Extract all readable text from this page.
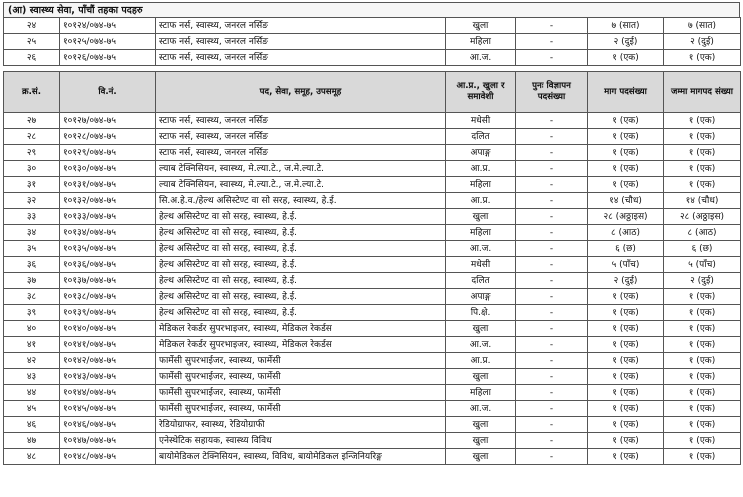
(आ) स्वास्थ्य सेवा, पाँचौं तहका पदहरु
२४	१०१२४/०७४-७५	स्टाफ नर्स, स्वास्थ्य, जनरल नर्सिङ	खुला	-	७ (सात)	७ (सात)
२५	१०१२५/०७४-७५	स्टाफ नर्स, स्वास्थ्य, जनरल नर्सिङ	महिला	-	२ (दुई)	२ (दुई)
२६	१०१२६/०७४-७५	स्टाफ नर्स, स्वास्थ्य, जनरल नर्सिङ	आ.ज.	-	१ (एक)	१ (एक)
क्र.सं.	वि.नं.	पद, सेवा, समूह, उपसमूह	आ.प्र., खुला र समावेशी	पुनः विज्ञापन पदसंख्या	माग पदसंख्या	जम्मा मागपद संख्या
२७	१०१२७/०७४-७५	स्टाफ नर्स, स्वास्थ्य, जनरल नर्सिङ	मधेसी	-	१ (एक)	१ (एक)
२८	१०१२८/०७४-७५	स्टाफ नर्स, स्वास्थ्य, जनरल नर्सिङ	दलित	-	१ (एक)	१ (एक)
२९	१०१२९/०७४-७५	स्टाफ नर्स, स्वास्थ्य, जनरल नर्सिङ	अपाङ्ग	-	१ (एक)	१ (एक)
३०	१०१३०/०७४-७५	ल्याब टेक्निसियन, स्वास्थ्य, मे.ल्या.टे., ज.मे.ल्या.टे.	आ.प्र.	-	१ (एक)	१ (एक)
३१	१०१३१/०७४-७५	ल्याब टेक्निसियन, स्वास्थ्य, मे.ल्या.टे., ज.मे.ल्या.टे.	महिला	-	१ (एक)	१ (एक)
३२	१०१३२/०७४-७५	सि.अ.हे.व./हेल्थ असिस्टेण्ट वा सो सरह, स्वास्थ्य, हे.ई.	आ.प्र.	-	१४ (चौध)	१४ (चौध)
३३	१०१३३/०७४-७५	हेल्थ असिस्टेण्ट वा सो सरह, स्वास्थ्य, हे.ई.	खुला	-	२८ (अठ्ठाइस)	२८ (अठ्ठाइस)
३४	१०१३४/०७४-७५	हेल्थ असिस्टेण्ट वा सो सरह, स्वास्थ्य, हे.ई.	महिला	-	८ (आठ)	८ (आठ)
३५	१०१३५/०७४-७५	हेल्थ असिस्टेण्ट वा सो सरह, स्वास्थ्य, हे.ई.	आ.ज.	-	६ (छ)	६ (छ)
३६	१०१३६/०७४-७५	हेल्थ असिस्टेण्ट वा सो सरह, स्वास्थ्य, हे.ई.	मधेसी	-	५ (पाँच)	५ (पाँच)
३७	१०१३७/०७४-७५	हेल्थ असिस्टेण्ट वा सो सरह, स्वास्थ्य, हे.ई.	दलित	-	२ (दुई)	२ (दुई)
३८	१०१३८/०७४-७५	हेल्थ असिस्टेण्ट वा सो सरह, स्वास्थ्य, हे.ई.	अपाङ्ग	-	१ (एक)	१ (एक)
३९	१०१३९/०७४-७५	हेल्थ असिस्टेण्ट वा सो सरह, स्वास्थ्य, हे.ई.	पि.क्षे.	-	१ (एक)	१ (एक)
४०	१०१४०/०७४-७५	मेडिकल रेकर्डर सुपरभाइजर, स्वास्थ्य, मेडिकल रेकर्डस	खुला	-	१ (एक)	१ (एक)
४१	१०१४१/०७४-७५	मेडिकल रेकर्डर सुपरभाइजर, स्वास्थ्य, मेडिकल रेकर्डस	आ.ज.	-	१ (एक)	१ (एक)
४२	१०१४२/०७४-७५	फार्मेसी सुपरभाईजर, स्वास्थ्य, फार्मेसी	आ.प्र.	-	१ (एक)	१ (एक)
४३	१०१४३/०७४-७५	फार्मेसी सुपरभाईजर, स्वास्थ्य, फार्मेसी	खुला	-	१ (एक)	१ (एक)
४४	१०१४४/०७४-७५	फार्मेसी सुपरभाईजर, स्वास्थ्य, फार्मेसी	महिला	-	१ (एक)	१ (एक)
४५	१०१४५/०७४-७५	फार्मेसी सुपरभाईजर, स्वास्थ्य, फार्मेसी	आ.ज.	-	१ (एक)	१ (एक)
४६	१०१४६/०७४-७५	रेडियोग्राफर, स्वास्थ्य, रेडियोग्राफी	खुला	-	१ (एक)	१ (एक)
४७	१०१४७/०७४-७५	एनेस्थेटिक सहायक, स्वास्थ्य विविध	खुला	-	१ (एक)	१ (एक)
४८	१०१४८/०७४-७५	बायोमेडिकल टेक्निसियन, स्वास्थ्य, विविध, बायोमेडिकल इन्जिनियरिङ्ग	खुला	-	१ (एक)	१ (एक)
